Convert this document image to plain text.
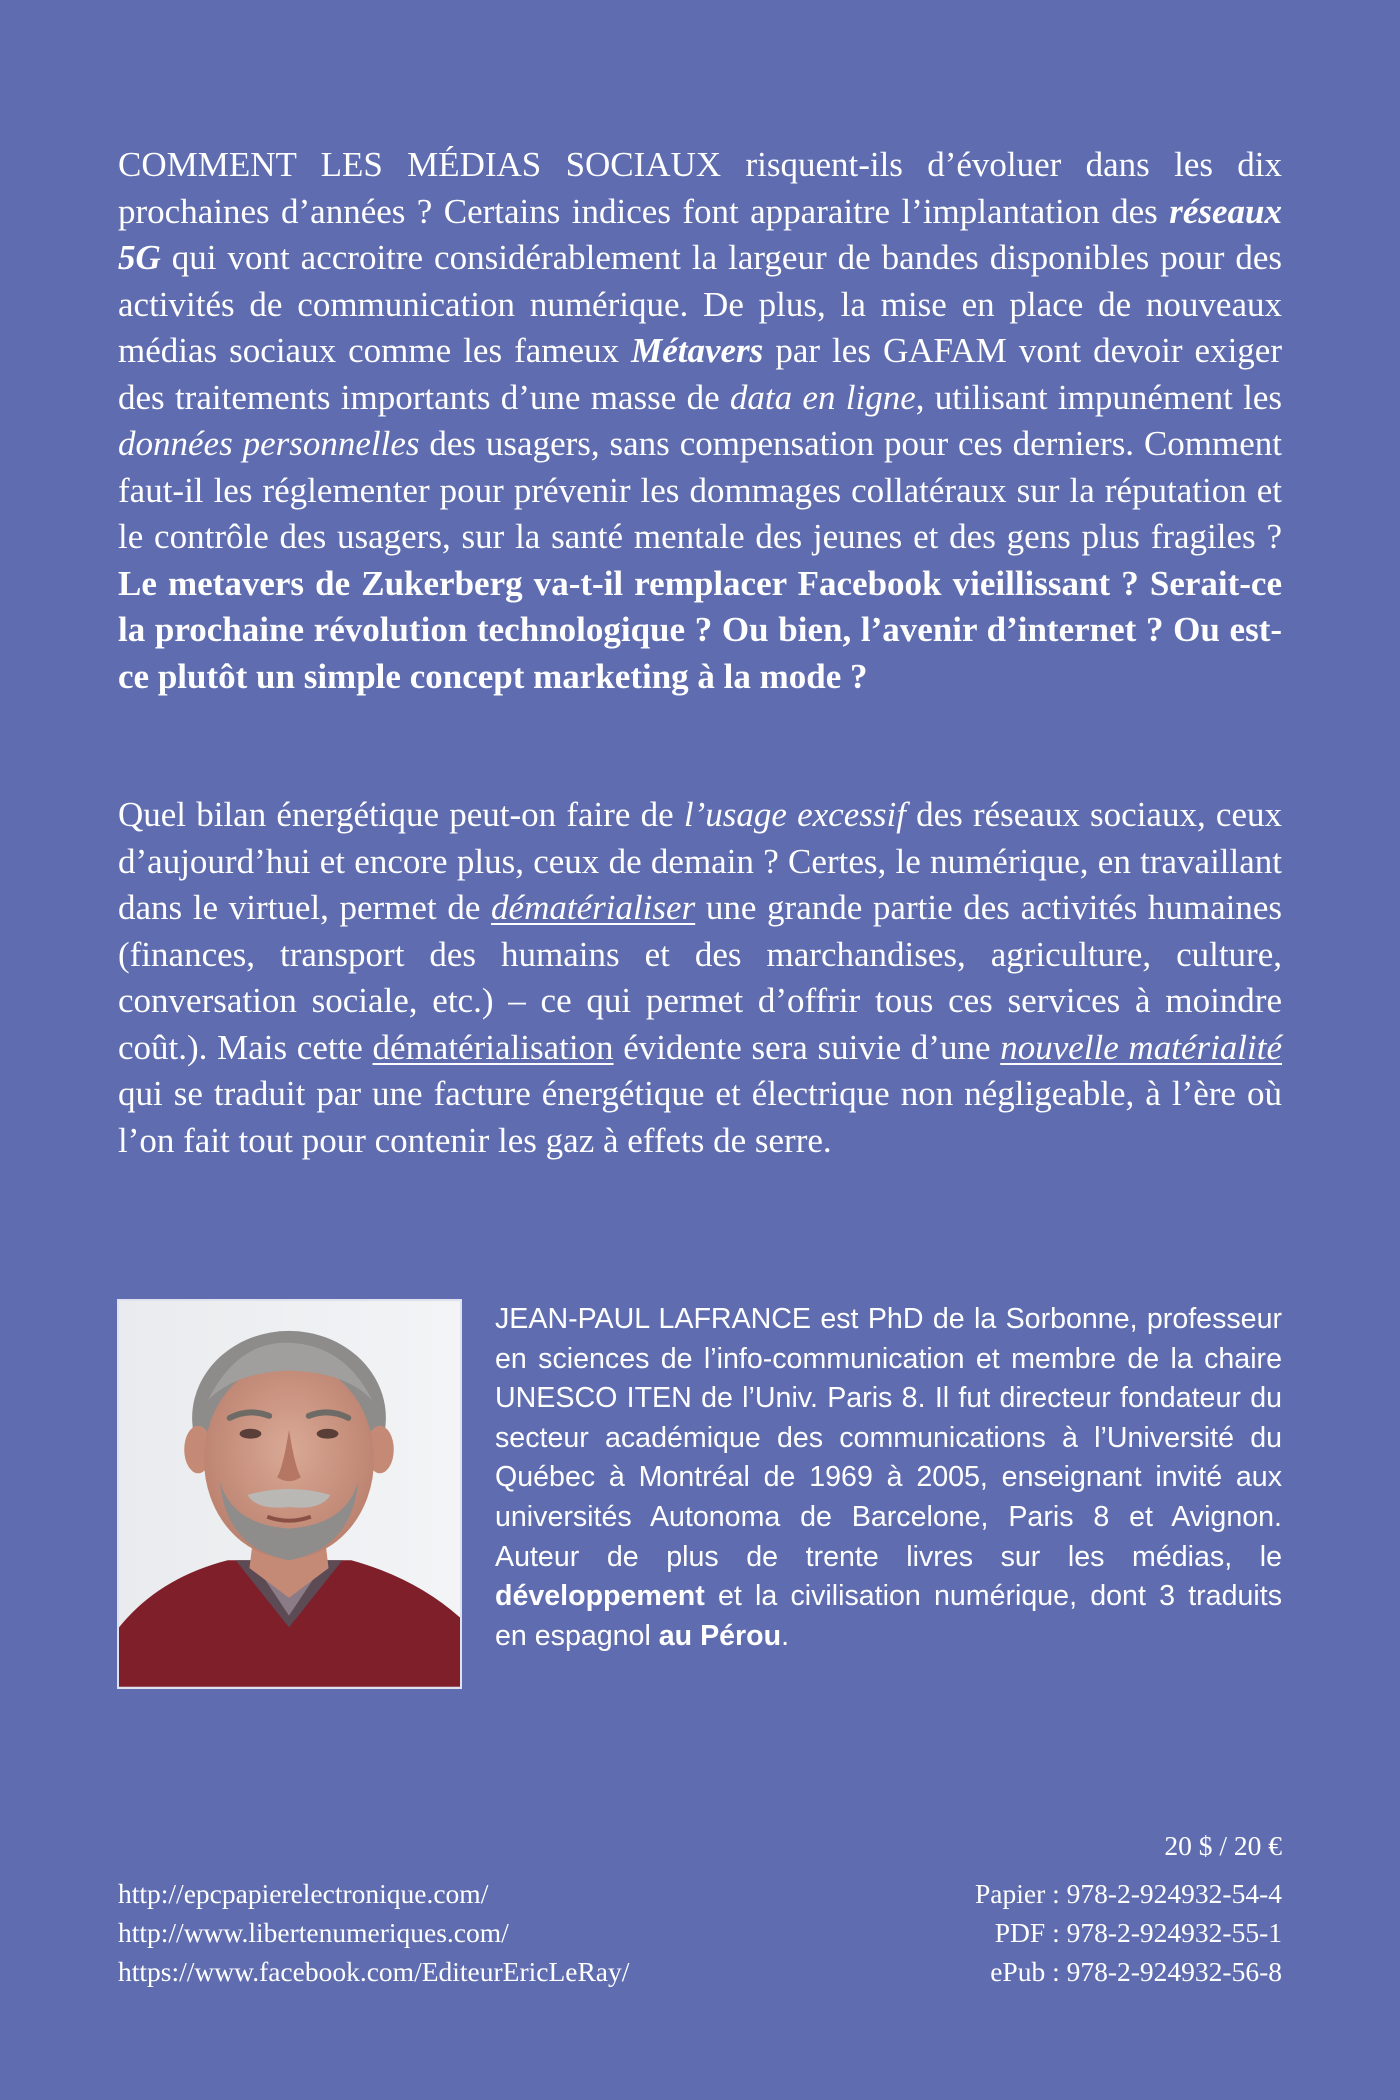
COMMENT LES MÉDIAS SOCIAUX risquent-ils d’évoluer dans les dix prochaines d’années ? Certains indices font apparaitre l’implantation des réseaux 5G qui vont accroitre considérablement la largeur de bandes disponibles pour des activités de communication numérique. De plus, la mise en place de nouveaux médias sociaux comme les fameux Métavers par les GAFAM vont devoir exiger des traitements importants d’une masse de data en ligne, utilisant impunément les données personnelles des usagers, sans compensation pour ces derniers. Comment faut-il les réglementer pour prévenir les dommages collatéraux sur la réputation et le contrôle des usagers, sur la santé mentale des jeunes et des gens plus fragiles ? Le metavers de Zukerberg va-t-il remplacer Facebook vieillissant ? Serait-ce la prochaine révolution technologique ? Ou bien, l’avenir d’internet ? Ou est-ce plutôt un simple concept marketing à la mode ?

Quel bilan énergétique peut-on faire de l’usage excessif des réseaux sociaux, ceux d’aujourd’hui et encore plus, ceux de demain ? Certes, le numérique, en travaillant dans le virtuel, permet de dématérialiser une grande partie des activités humaines (finances, transport des humains et des marchandises, agriculture, culture, conversation sociale, etc.) – ce qui permet d’offrir tous ces services à moindre coût.). Mais cette dématérialisation évidente sera suivie d’une nouvelle matérialité qui se traduit par une facture énergétique et électrique non négligeable, à l’ère où l’on fait tout pour contenir les gaz à effets de serre.

JEAN-PAUL LAFRANCE est PhD de la Sorbonne, professeur en sciences de l’info-communication et membre de la chaire UNESCO ITEN de l’Univ. Paris 8. Il fut directeur fondateur du secteur académique des communications à l’Université du Québec à Montréal de 1969 à 2005, enseignant invité aux universités Autonoma de Barcelone, Paris 8 et Avignon. Auteur de plus de trente livres sur les médias, le développement et la civilisation numérique, dont 3 traduits en espagnol au Pérou.

http://epcpapierelectronique.com/
http://www.libertenumeriques.com/
https://www.facebook.com/EditeurEricLeRay/
20 $ / 20 €
Papier : 978-2-924932-54-4
PDF : 978-2-924932-55-1
ePub : 978-2-924932-56-8
